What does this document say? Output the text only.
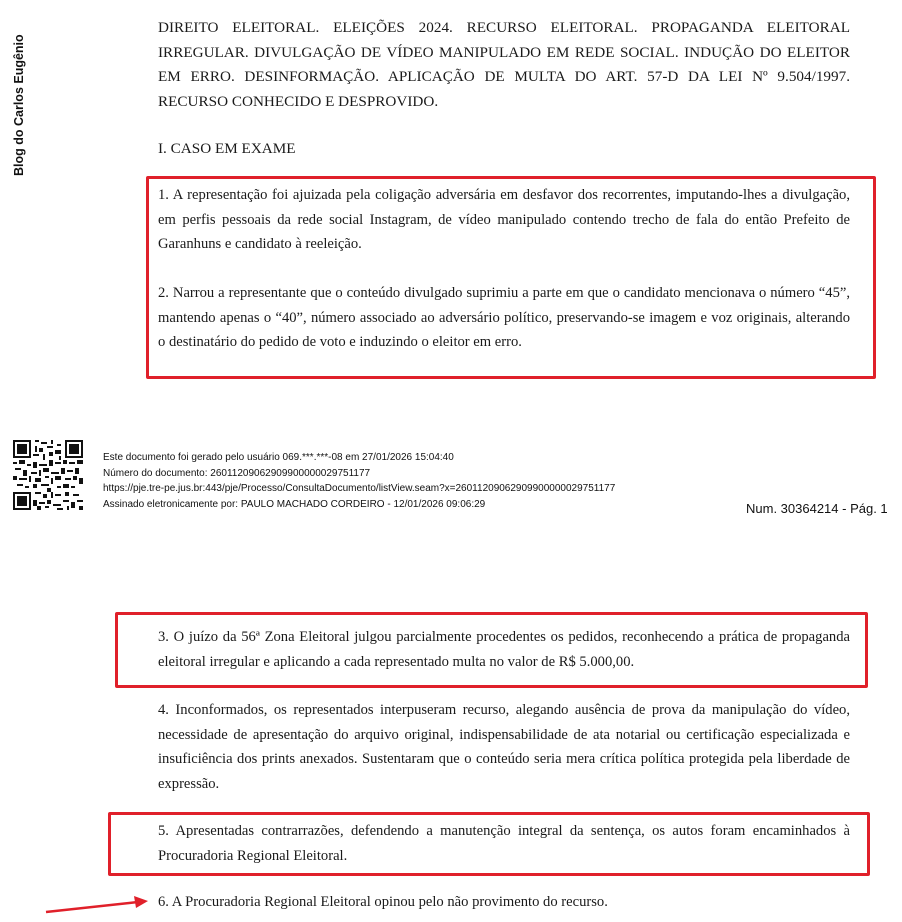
Blog do Carlos Eugênio
DIREITO ELEITORAL. ELEIÇÕES 2024. RECURSO ELEITORAL. PROPAGANDA ELEITORAL IRREGULAR. DIVULGAÇÃO DE VÍDEO MANIPULADO EM REDE SOCIAL. INDUÇÃO DO ELEITOR EM ERRO. DESINFORMAÇÃO. APLICAÇÃO DE MULTA DO ART. 57-D DA LEI Nº 9.504/1997. RECURSO CONHECIDO E DESPROVIDO.
I. CASO EM EXAME
1. A representação foi ajuizada pela coligação adversária em desfavor dos recorrentes, imputando-lhes a divulgação, em perfis pessoais da rede social Instagram, de vídeo manipulado contendo trecho de fala do então Prefeito de Garanhuns e candidato à reeleição.
2. Narrou a representante que o conteúdo divulgado suprimiu a parte em que o candidato mencionava o número “45”, mantendo apenas o “40”, número associado ao adversário político, preservando-se imagem e voz originais, alterando o destinatário do pedido de voto e induzindo o eleitor em erro.
Este documento foi gerado pelo usuário 069.***.***-08 em 27/01/2026 15:04:40
Número do documento: 26011209062909900000029751177
https://pje.tre-pe.jus.br:443/pje/Processo/ConsultaDocumento/listView.seam?x=26011209062909900000029751177
Assinado eletronicamente por: PAULO MACHADO CORDEIRO - 12/01/2026 09:06:29	Num. 30364214 - Pág. 1
3. O juízo da 56ª Zona Eleitoral julgou parcialmente procedentes os pedidos, reconhecendo a prática de propaganda eleitoral irregular e aplicando a cada representado multa no valor de R$ 5.000,00.
4. Inconformados, os representados interpuseram recurso, alegando ausência de prova da manipulação do vídeo, necessidade de apresentação do arquivo original, indispensabilidade de ata notarial ou certificação especializada e insuficiência dos prints anexados. Sustentaram que o conteúdo seria mera crítica política protegida pela liberdade de expressão.
5. Apresentadas contrarrazões, defendendo a manutenção integral da sentença, os autos foram encaminhados à Procuradoria Regional Eleitoral.
6. A Procuradoria Regional Eleitoral opinou pelo não provimento do recurso.
